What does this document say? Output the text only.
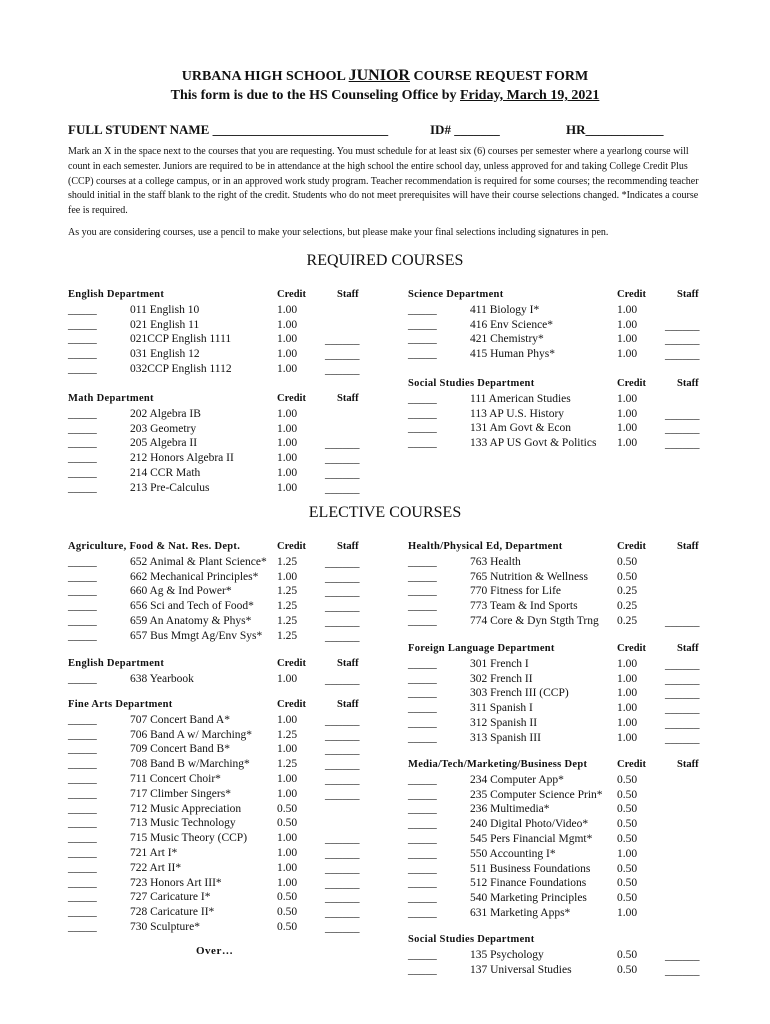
URBANA HIGH SCHOOL JUNIOR COURSE REQUEST FORM
This form is due to the HS Counseling Office by Friday, March 19, 2021
FULL STUDENT NAME ___________________________	ID# _______	HR____________
Mark an X in the space next to the courses that you are requesting. You must schedule for at least six (6) courses per semester where a yearlong course will count in each semester. Juniors are required to be in attendance at the high school the entire school day, unless approved for and taking College Credit Plus (CCP) courses at a college campus, or in an approved work study program. Teacher recommendation is required for some courses; the recommending teacher should initial in the staff blank to the right of the credit. Students who do not meet prerequisites will have their course selections changed. *Indicates a course fee is required.
As you are considering courses, use a pencil to make your selections, but please make your final selections including signatures in pen.
REQUIRED COURSES
ELECTIVE COURSES
English Department	Credit	Staff
_____	011 English 10	1.00
_____	021 English 11	1.00
_____	021CCP English 1111	1.00 ______
_____	031 English 12	1.00 ______
_____	032CCP English 1112	1.00 ______
Math Department	Credit	Staff
_____	202 Algebra IB	1.00
_____	203 Geometry	1.00
_____	205 Algebra II	1.00 ______
_____	212 Honors Algebra II	1.00 ______
_____	214 CCR Math	1.00 ______
_____	213 Pre-Calculus	1.00 ______
Science Department	Credit	Staff
_____	411 Biology I*	1.00
_____	416 Env Science*	1.00 ______
_____	421 Chemistry*	1.00 ______
_____	415 Human Phys*	1.00 ______
Social Studies Department	Credit	Staff
_____	111 American Studies	1.00
_____	113 AP U.S. History	1.00 ______
_____	131 Am Govt & Econ	1.00 ______
_____	133 AP US Govt & Politics 1.00 ______
Agriculture, Food & Nat. Res. Dept.	Credit	Staff
_____	652 Animal & Plant Science* 1.25 ______
_____	662 Mechanical Principles* 1.00 ______
_____	660 Ag & Ind Power*	1.25 ______
_____	656 Sci and Tech of Food* 1.25 ______
_____	659 An Anatomy & Phys* 1.25 ______
_____	657 Bus Mmgt Ag/Env Sys* 1.25 ______
English Department	Credit	Staff
_____	638 Yearbook	1.00 ______
Fine Arts Department	Credit	Staff
_____	707 Concert Band A*	1.00 ______
_____	706 Band A w/ Marching* 1.25 ______
_____	709 Concert Band B*	1.00 ______
_____	708 Band B w/Marching* 1.25 ______
_____	711 Concert Choir*	1.00 ______
_____	717 Climber Singers*	1.00 ______
_____	712 Music Appreciation	0.50
_____	713 Music Technology	0.50
_____	715 Music Theory (CCP)	1.00 ______
_____	721 Art I*	1.00 ______
_____	722 Art II*	1.00 ______
_____	723 Honors Art III*	1.00 ______
_____	727 Caricature I*	0.50 ______
_____	728 Caricature II*	0.50 ______
_____	730 Sculpture*	0.50 ______
Health/Physical Ed, Department	Credit	Staff
_____	763 Health	0.50
_____	765 Nutrition & Wellness	0.50
_____	770 Fitness for Life	0.25
_____	773 Team & Ind Sports	0.25
_____	774 Core & Dyn Stgth Trng 0.25 ______
Foreign Language Department	Credit	Staff
_____	301 French I	1.00 ______
_____	302 French II	1.00 ______
_____	303 French III (CCP)	1.00 ______
_____	311 Spanish I	1.00 ______
_____	312 Spanish II	1.00 ______
_____	313 Spanish III	1.00 ______
Media/Tech/Marketing/Business Dept	Credit	Staff
_____	234 Computer App*	0.50
_____	235 Computer Science Prin* 0.50
_____	236 Multimedia*	0.50
_____	240 Digital Photo/Video*	0.50
_____	545 Pers Financial Mgmt* 0.50
_____	550 Accounting I*	1.00
_____	511 Business Foundations 0.50
_____	512 Finance Foundations	0.50
_____	540 Marketing Principles	0.50
_____	631 Marketing Apps*	1.00
Social Studies Department
_____	135 Psychology	0.50 ______
_____	137 Universal Studies	0.50 ______
Over…
